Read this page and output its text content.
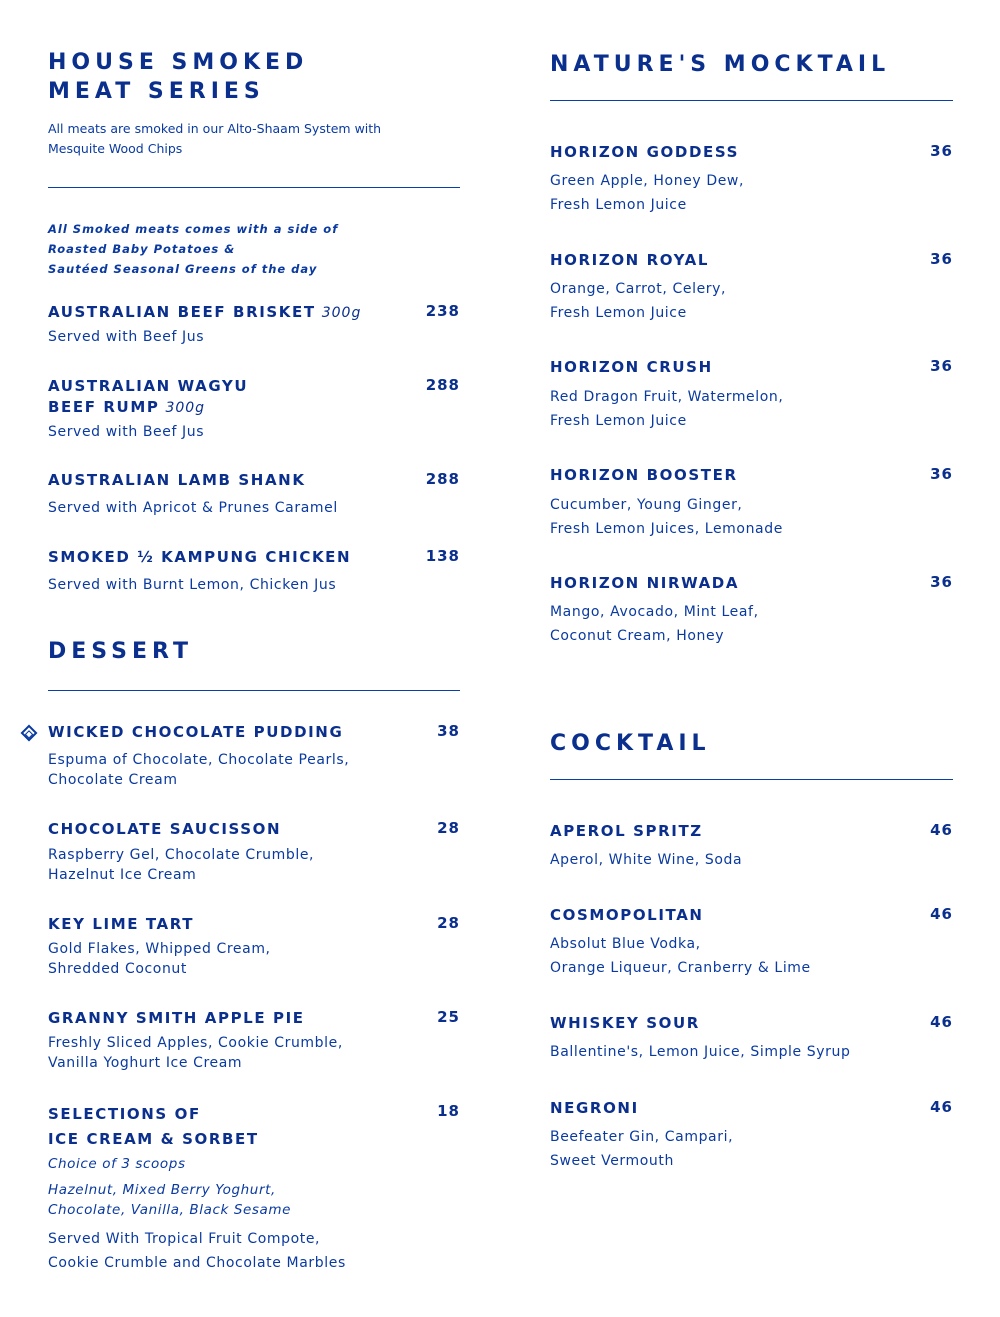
HOUSE SMOKED
MEAT SERIES
All meats are smoked in our Alto-Shaam System with
Mesquite Wood Chips
All Smoked meats comes with a side of
Roasted Baby Potatoes &
Sautéed Seasonal Greens of the day
AUSTRALIAN BEEF BRISKET 300g	238
Served with Beef Jus
AUSTRALIAN WAGYU
BEEF RUMP 300g
288
Served with Beef Jus
AUSTRALIAN LAMB SHANK	288
Served with Apricot & Prunes Caramel
SMOKED ½ KAMPUNG CHICKEN	138
Served with Burnt Lemon, Chicken Jus
DESSERT
WICKED CHOCOLATE PUDDING	38
Espuma of Chocolate, Chocolate Pearls,
Chocolate Cream
CHOCOLATE SAUCISSON	28
Raspberry Gel, Chocolate Crumble,
Hazelnut Ice Cream
KEY LIME TART	28
Gold Flakes, Whipped Cream,
Shredded Coconut
GRANNY SMITH APPLE PIE	25
Freshly Sliced Apples, Cookie Crumble,
Vanilla Yoghurt Ice Cream
SELECTIONS OF
ICE CREAM & SORBET
18
Choice of 3 scoops
Hazelnut, Mixed Berry Yoghurt,
Chocolate, Vanilla, Black Sesame
Served With Tropical Fruit Compote,
Cookie Crumble and Chocolate Marbles
NATURE'S MOCKTAIL
HORIZON GODDESS	36
Green Apple, Honey Dew,
Fresh Lemon Juice
HORIZON ROYAL	36
Orange, Carrot, Celery,
Fresh Lemon Juice
HORIZON CRUSH	36
Red Dragon Fruit, Watermelon,
Fresh Lemon Juice
HORIZON BOOSTER	36
Cucumber, Young Ginger,
Fresh Lemon Juices, Lemonade
HORIZON NIRWADA	36
Mango, Avocado, Mint Leaf,
Coconut Cream, Honey
COCKTAIL
APEROL SPRITZ	46
Aperol, White Wine, Soda
COSMOPOLITAN	46
Absolut Blue Vodka,
Orange Liqueur, Cranberry & Lime
WHISKEY SOUR	46
Ballentine's, Lemon Juice, Simple Syrup
NEGRONI	46
Beefeater Gin, Campari,
Sweet Vermouth
